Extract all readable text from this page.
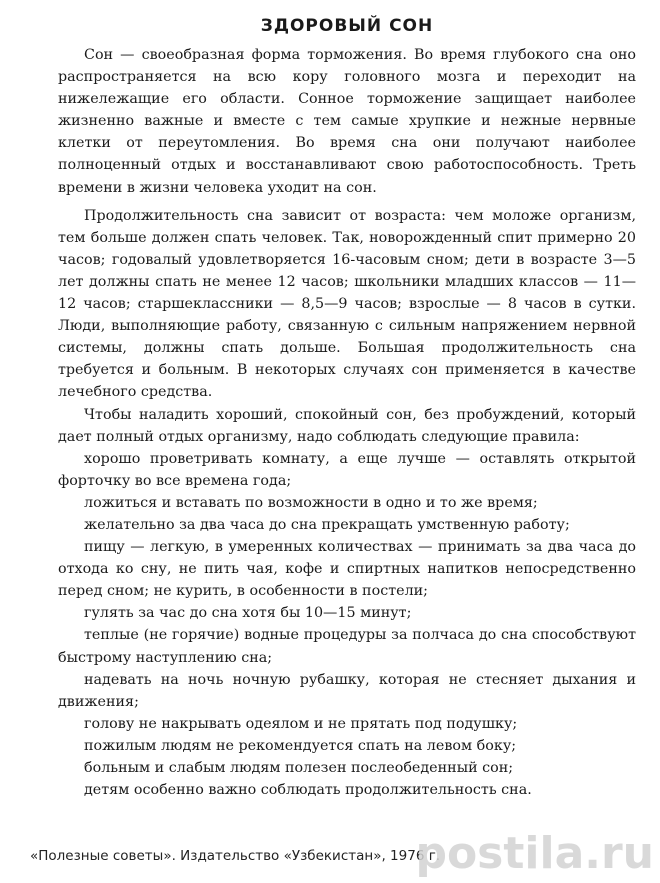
ЗДОРОВЫЙ СОН

Сон — своеобразная форма торможения. Во время глубокого сна оно распространяется на всю кору головного мозга и переходит на нижележащие его области. Сонное торможение защищает наиболее жизненно важные и вместе с тем самые хрупкие и нежные нервные клетки от переутомления. Во время сна они получают наиболее полноценный отдых и восстанавливают свою работоспособность. Треть времени в жизни человека уходит на сон.

Продолжительность сна зависит от возраста: чем моложе организм, тем больше должен спать человек. Так, новорожденный спит примерно 20 часов; годовалый удовлетворяется 16-часовым сном; дети в возрасте 3—5 лет должны спать не менее 12 часов; школьники младших классов — 11—12 часов; старшеклассники — 8,5—9 часов; взрослые — 8 часов в сутки. Люди, выполняющие работу, связанную с сильным напряжением нервной системы, должны спать дольше. Большая продолжительность сна требуется и больным. В некоторых случаях сон применяется в качестве лечебного средства.

Чтобы наладить хороший, спокойный сон, без пробуждений, который дает полный отдых организму, надо соблюдать следующие правила:

хорошо проветривать комнату, а еще лучше — оставлять открытой форточку во все времена года;

ложиться и вставать по возможности в одно и то же время;

желательно за два часа до сна прекращать умственную работу;

пищу — легкую, в умеренных количествах — принимать за два часа до отхода ко сну, не пить чая, кофе и спиртных напитков непосредственно перед сном; не курить, в особенности в постели;

гулять за час до сна хотя бы 10—15 минут;

теплые (не горячие) водные процедуры за полчаса до сна способствуют быстрому наступлению сна;

надевать на ночь ночную рубашку, которая не стесняет дыхания и движения;

голову не накрывать одеялом и не прятать под подушку;

пожилым людям не рекомендуется спать на левом боку;

больным и слабым людям полезен послеобеденный сон;

детям особенно важно соблюдать продолжительность сна.

«Полезные советы». Издательство «Узбекистан», 1976 г.
postila.ru
